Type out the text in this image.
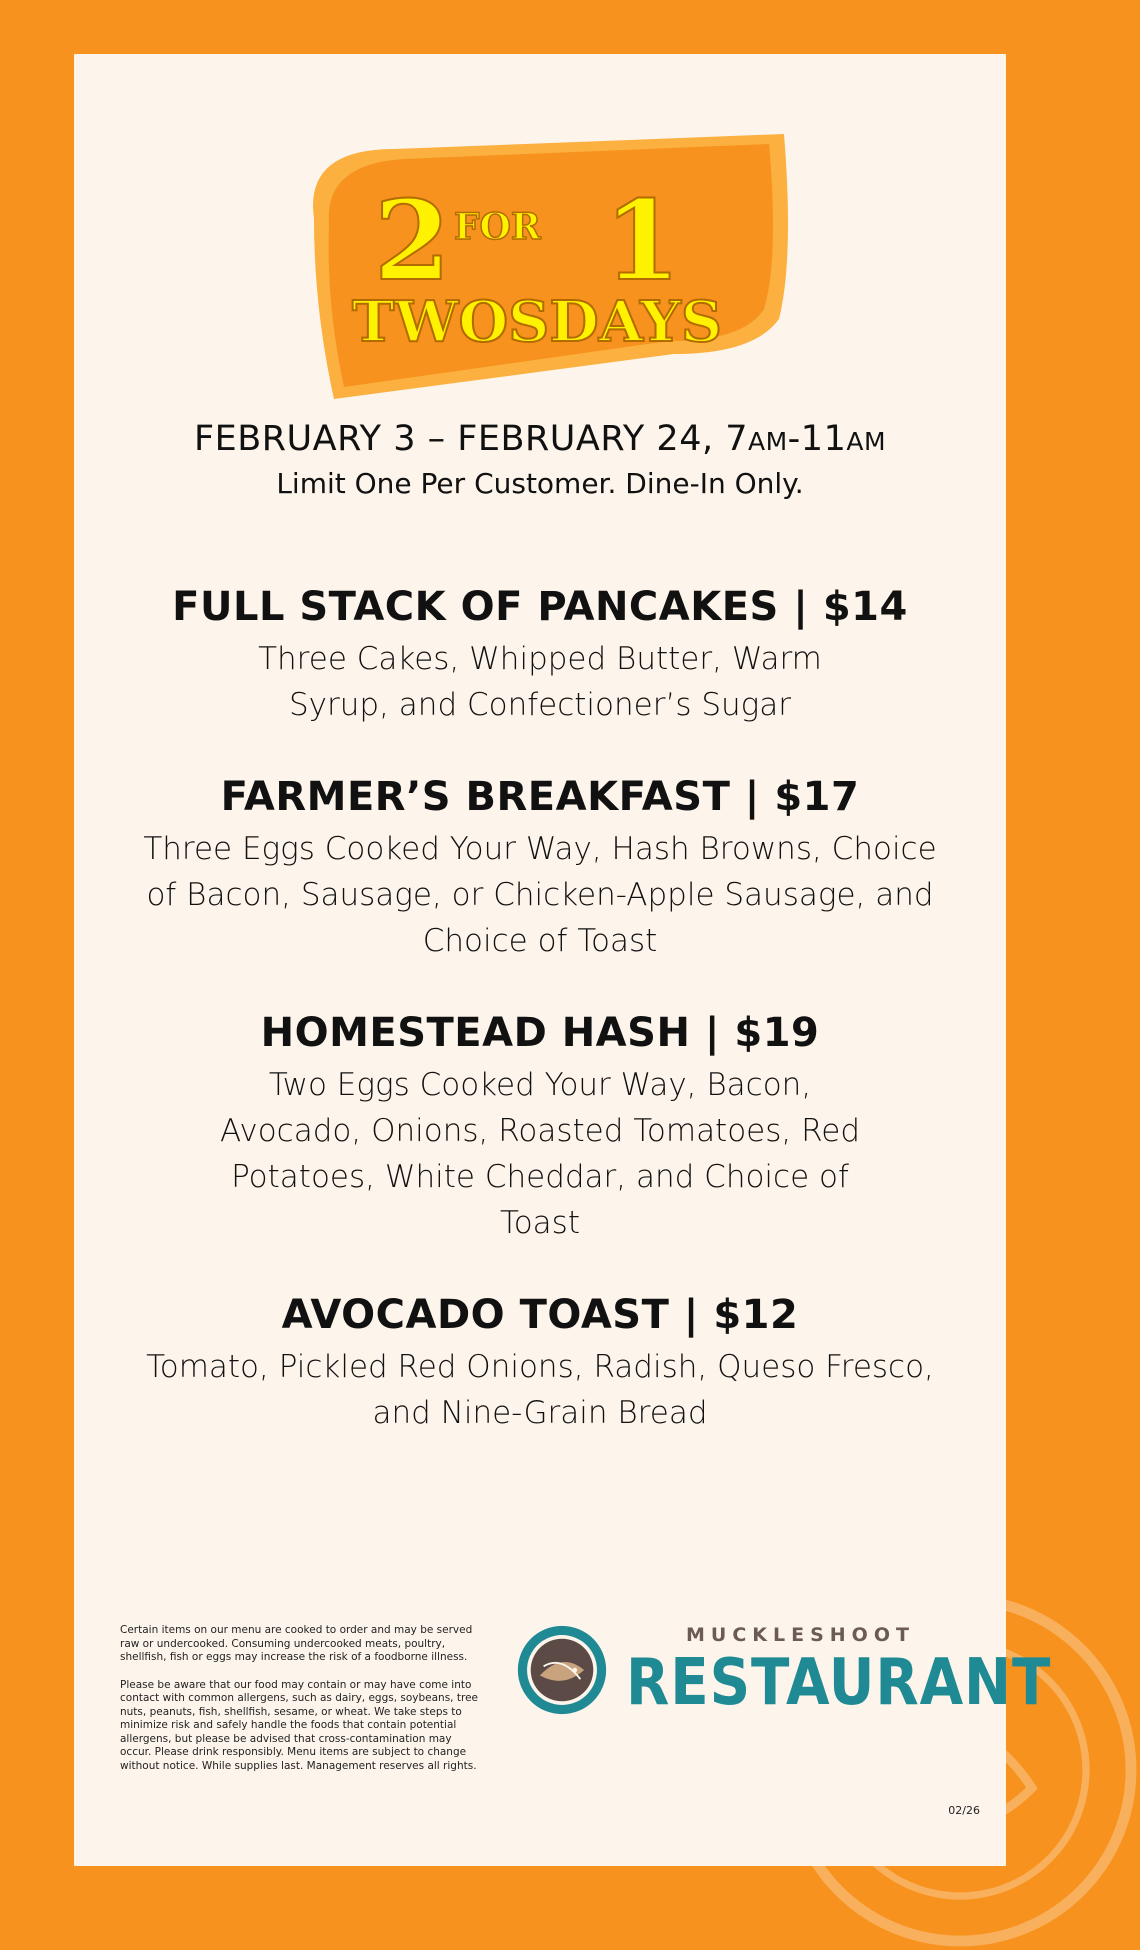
2 FOR 1
TWOSDAYS
FEBRUARY 3 – FEBRUARY 24, 7AM-11AM
Limit One Per Customer. Dine-In Only.
FULL STACK OF PANCAKES | $14

Three Cakes, Whipped Butter, Warm Syrup, and Confectioner’s Sugar

FARMER’S BREAKFAST | $17

Three Eggs Cooked Your Way, Hash Browns, Choice of Bacon, Sausage, or Chicken-Apple Sausage, and Choice of Toast

HOMESTEAD HASH | $19

Two Eggs Cooked Your Way, Bacon, Avocado, Onions, Roasted Tomatoes, Red Potatoes, White Cheddar, and Choice of Toast

AVOCADO TOAST | $12

Tomato, Pickled Red Onions, Radish, Queso Fresco, and Nine-Grain Bread

Certain items on our menu are cooked to order and may be served raw or undercooked. Consuming undercooked meats, poultry, shellfish, fish or eggs may increase the risk of a foodborne illness.

Please be aware that our food may contain or may have come into contact with common allergens, such as dairy, eggs, soybeans, tree nuts, peanuts, fish, shellfish, sesame, or wheat. We take steps to minimize risk and safely handle the foods that contain potential allergens, but please be advised that cross-contamination may occur. Please drink responsibly. Menu items are subject to change without notice. While supplies last. Management reserves all rights.

MUCKLESHOOT
RESTAURANT
02/26
